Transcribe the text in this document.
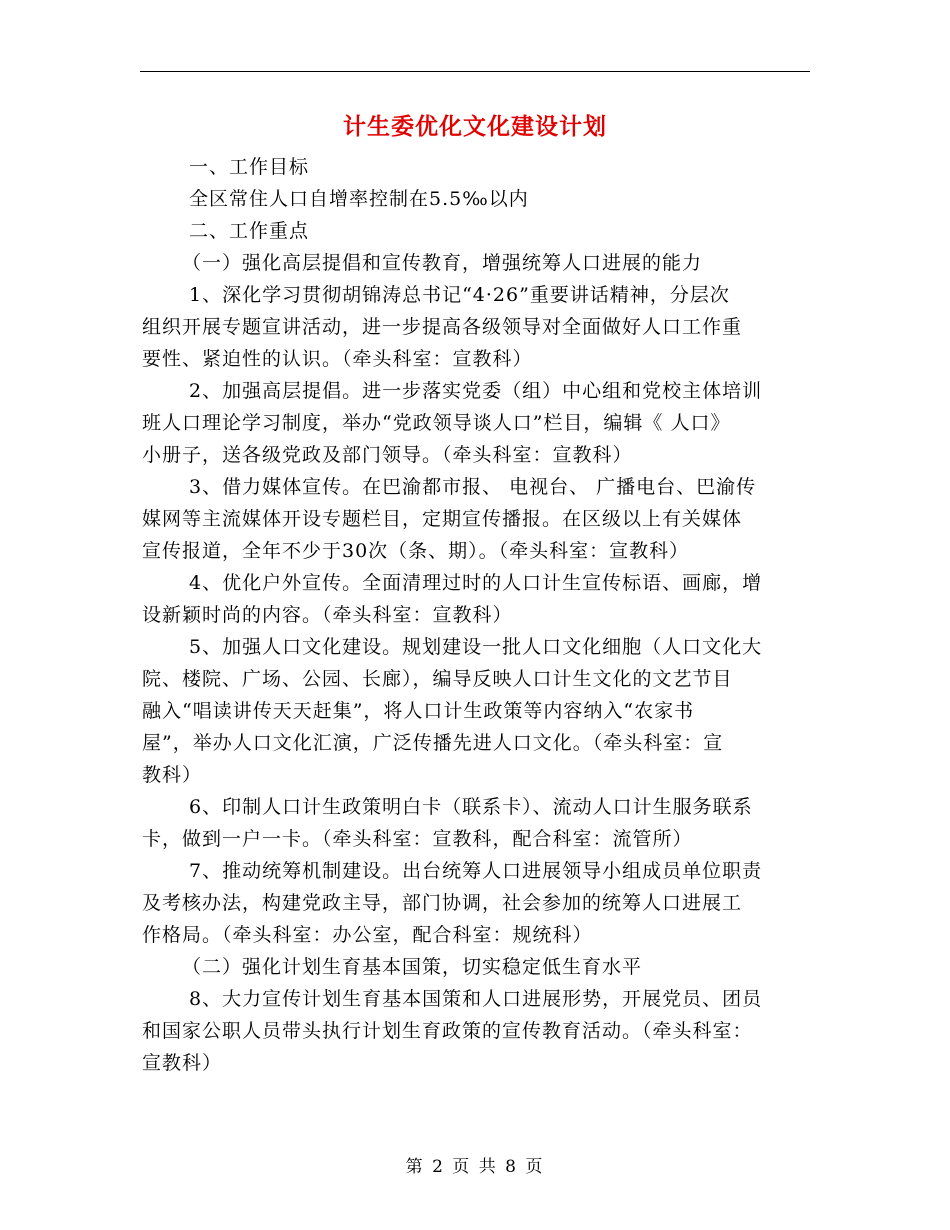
计生委优化文化建设计划
一、工作目标
全区常住人口自增率控制在5.5‰以内
二、工作重点
（一）强化高层提倡和宣传教育，增强统筹人口进展的能力
1、深化学习贯彻胡锦涛总书记“4·26”重要讲话精神，分层次
组织开展专题宣讲活动，进一步提高各级领导对全面做好人口工作重
要性、紧迫性的认识。（牵头科室：宣教科）
2、加强高层提倡。进一步落实党委（组）中心组和党校主体培训
班人口理论学习制度，举办“党政领导谈人口”栏目，编辑《 人口》
小册子，送各级党政及部门领导。（牵头科室：宣教科）
3、借力媒体宣传。在巴渝都市报、 电视台、 广播电台、巴渝传
媒网等主流媒体开设专题栏目，定期宣传播报。在区级以上有关媒体
宣传报道，全年不少于30次（条、期）。（牵头科室：宣教科）
4、优化户外宣传。全面清理过时的人口计生宣传标语、画廊，增
设新颖时尚的内容。（牵头科室：宣教科）
5、加强人口文化建设。规划建设一批人口文化细胞（人口文化大
院、楼院、广场、公园、长廊），编导反映人口计生文化的文艺节目
融入“唱读讲传天天赶集”，将人口计生政策等内容纳入“农家书
屋”，举办人口文化汇演，广泛传播先进人口文化。（牵头科室：宣
教科）
6、印制人口计生政策明白卡（联系卡）、流动人口计生服务联系
卡，做到一户一卡。（牵头科室：宣教科，配合科室：流管所）
7、推动统筹机制建设。出台统筹人口进展领导小组成员单位职责
及考核办法，构建党政主导，部门协调，社会参加的统筹人口进展工
作格局。（牵头科室：办公室，配合科室：规统科）
（二）强化计划生育基本国策，切实稳定低生育水平
8、大力宣传计划生育基本国策和人口进展形势，开展党员、团员
和国家公职人员带头执行计划生育政策的宣传教育活动。（牵头科室：
宣教科）
第 2 页 共 8 页
